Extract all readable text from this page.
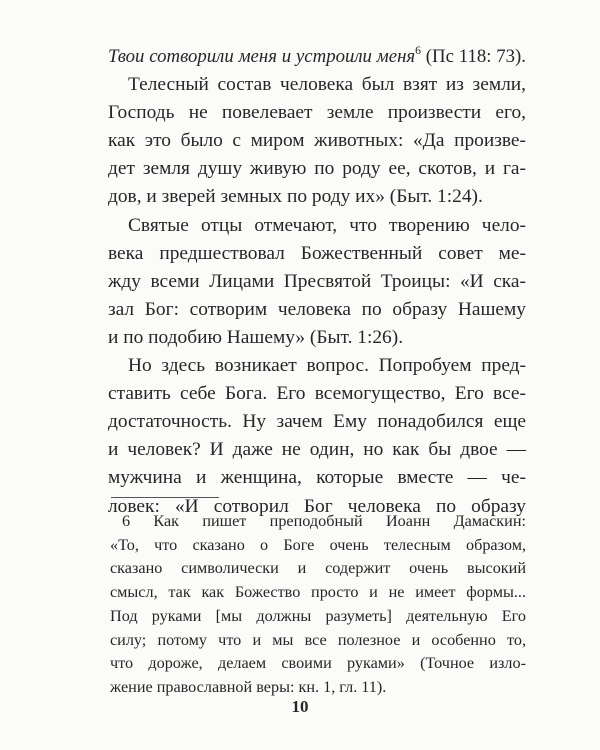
Твои сотворили меня и устроили меня$^6$ (Пс 118: 73).
Телесный состав человека был взят из земли,
Господь не повелевает земле произвести его,
как это было с миром животных: «Да произве-
дет земля душу живую по роду ее, скотов, и га-
дов, и зверей земных по роду их» (Быт. 1:24).

Святые отцы отмечают, что творению чело-
века предшествовал Божественный совет ме-
жду всеми Лицами Пресвятой Троицы: «И ска-
зал Бог: сотворим человека по образу Нашему
и по подобию Нашему» (Быт. 1:26).

Но здесь возникает вопрос. Попробуем пред-
ставить себе Бога. Его всемогущество, Его все-
достаточность. Ну зачем Ему понадобился еще
и человек? И даже не один, но как бы двое —
мужчина и женщина, которые вместе — че-
ловек: «И сотворил Бог человека по образу

6 Как пишет преподобный Иоанн Дамаскин:
«То, что сказано о Боге очень телесным образом,
сказано символически и содержит очень высокий
смысл, так как Божество просто и не имеет формы...
Под руками [мы должны разуметь] деятельную Его
силу; потому что и мы все полезное и особенно то,
что дороже, делаем своими руками» (Точное изло-
жение православной веры: кн. 1, гл. 11).

10
